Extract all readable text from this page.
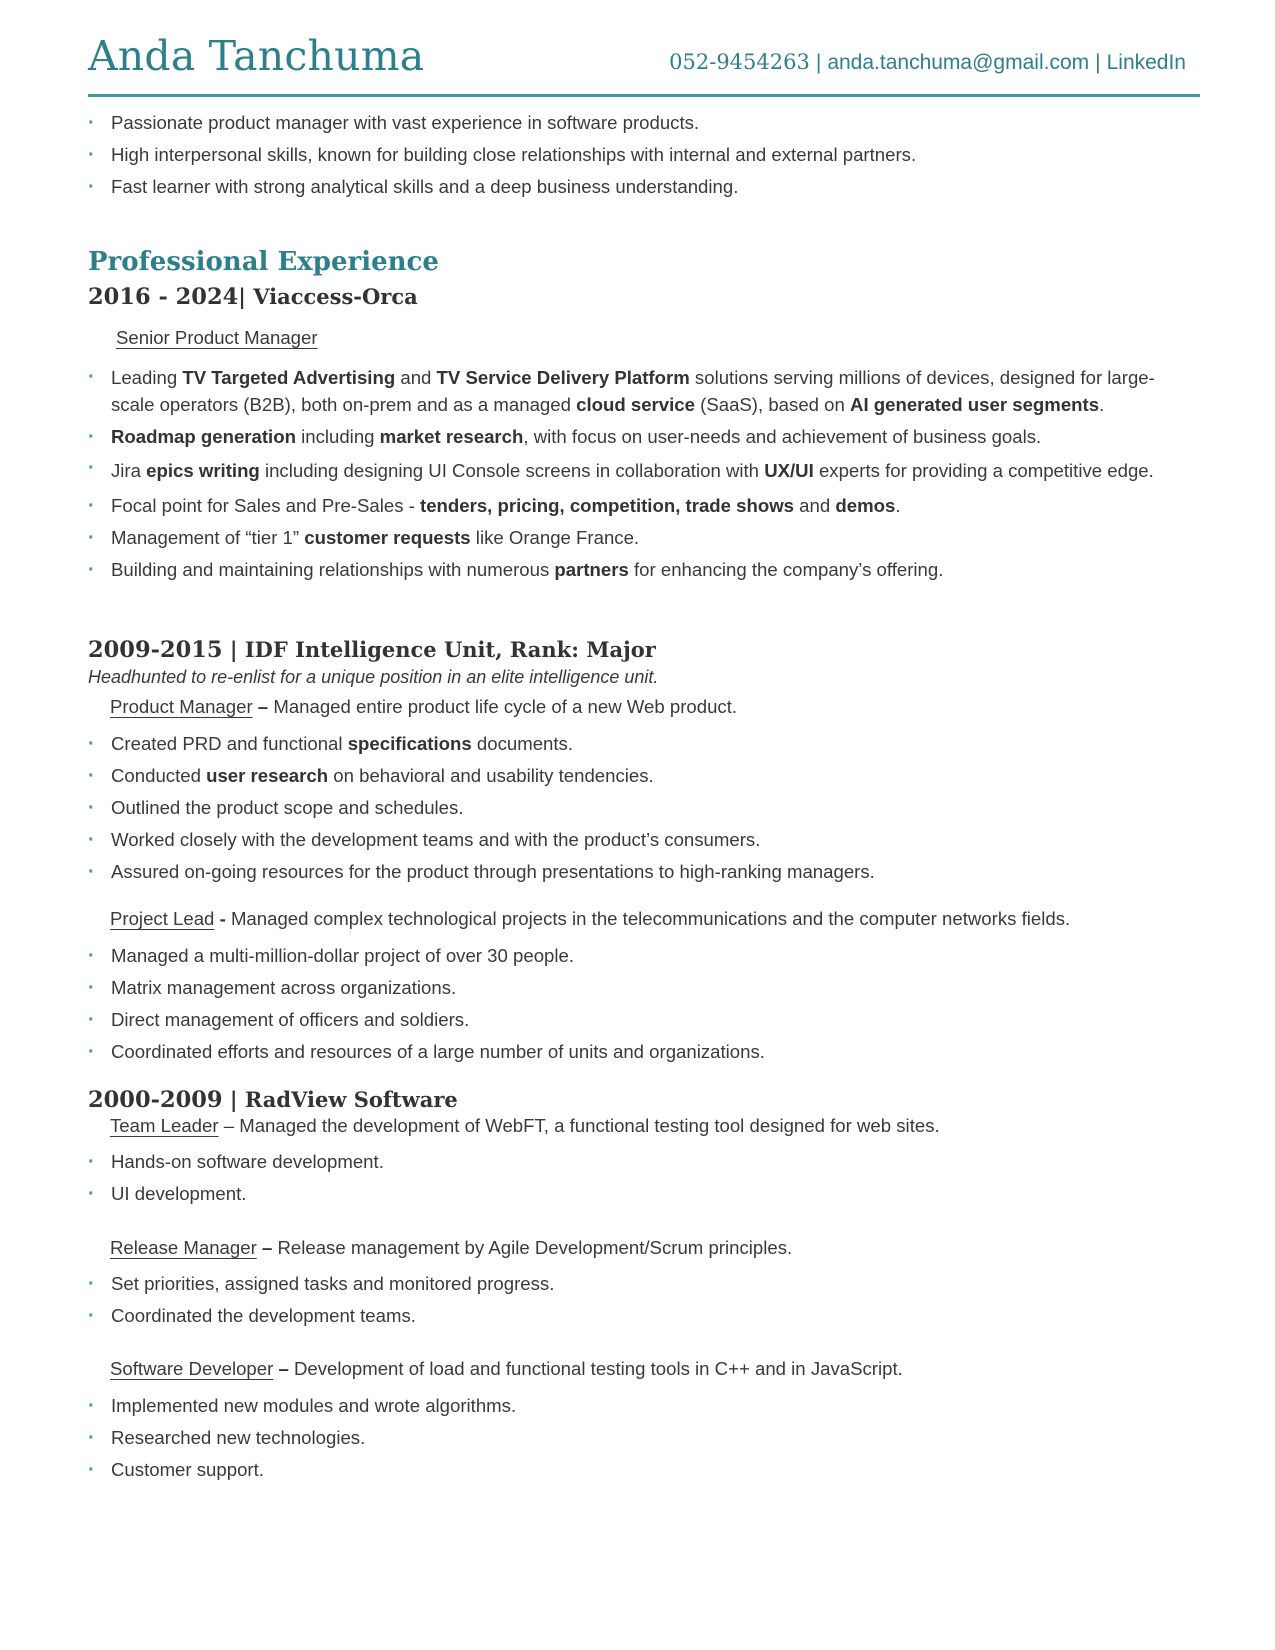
Anda Tanchuma	052-9454263 | anda.tanchuma@gmail.com | LinkedIn
· Passionate product manager with vast experience in software products.
· High interpersonal skills, known for building close relationships with internal and external partners.
· Fast learner with strong analytical skills and a deep business understanding.
Professional Experience
2016 - 2024| Viaccess-Orca
Senior Product Manager
· Leading TV Targeted Advertising and TV Service Delivery Platform solutions serving millions of devices, designed for large-scale operators (B2B), both on-prem and as a managed cloud service (SaaS), based on AI generated user segments.
· Roadmap generation including market research, with focus on user-needs and achievement of business goals.
· Jira epics writing including designing UI Console screens in collaboration with UX/UI experts for providing a competitive edge.
· Focal point for Sales and Pre-Sales - tenders, pricing, competition, trade shows and demos.
· Management of “tier 1” customer requests like Orange France.
· Building and maintaining relationships with numerous partners for enhancing the company’s offering.
2009-2015 | IDF Intelligence Unit, Rank: Major
Headhunted to re-enlist for a unique position in an elite intelligence unit.
Product Manager – Managed entire product life cycle of a new Web product.
· Created PRD and functional specifications documents.
· Conducted user research on behavioral and usability tendencies.
· Outlined the product scope and schedules.
· Worked closely with the development teams and with the product’s consumers.
· Assured on-going resources for the product through presentations to high-ranking managers.
Project Lead - Managed complex technological projects in the telecommunications and the computer networks fields.
· Managed a multi-million-dollar project of over 30 people.
· Matrix management across organizations.
· Direct management of officers and soldiers.
· Coordinated efforts and resources of a large number of units and organizations.
2000-2009 | RadView Software
Team Leader – Managed the development of WebFT, a functional testing tool designed for web sites.
· Hands-on software development.
· UI development.
Release Manager – Release management by Agile Development/Scrum principles.
· Set priorities, assigned tasks and monitored progress.
· Coordinated the development teams.
Software Developer – Development of load and functional testing tools in C++ and in JavaScript.
· Implemented new modules and wrote algorithms.
· Researched new technologies.
· Customer support.
